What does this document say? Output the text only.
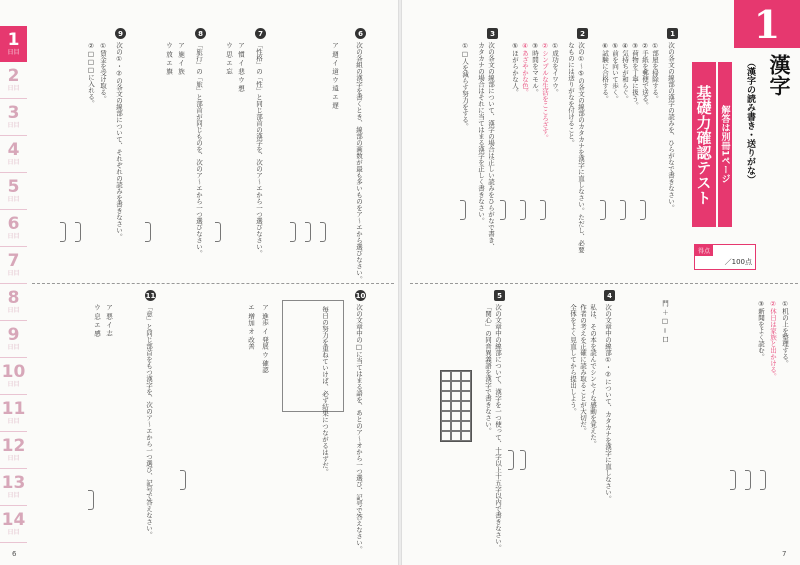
1
日目
2
日目
3
日目
4
日目
5
日目
6
日目
7
日目
8
日目
9
日目
10
日目
11
日目
12
日目
13
日目
14
日目
1
漢字
（漢字の読み書き・送りがな）
解答は別冊1ページ
基礎力確認テスト
得点
／100点
1
次の各文の線部の漢字の読みを、ひらがなで書きなさい。
①部屋を掃除する。
②手紙を郵便で送る。
③荷物を丁寧に扱う。
④気持ちが和らぐ。
⑤前を向いて歩く。
⑥試験に合格する。
2
次の①〜⑤の各文の線部のカタカナを漢字に直しなさい。ただし、必要
なものには送りがなを付けること。
①成功をイワウ。
②シンプルな生活をこころざす。
③時間をマモル。
④あざやかな色。
⑤ほがらかな人。
3
次の各文の線部について、漢字の場合は正しい読みをひらがなで書き、
カタカナの場合はそれに当てはまる漢字を正しく書きなさい。
①□人を減らす努力をする。
4
次の文章中の線部①・②について、カタカナを漢字に直しなさい。
私は、その本を読んでシンセイな感動を覚えた。
作者の考えを正確に読み取ることが大切だ。
全体をよく見直してから提出しよう。	①机の上を整理する。
②休日は家族と出かける。
③新聞をよく読む。
門 ＋ □ ＝ 口
5
次の文章中の線部について、漢字を一つ使って、十字以上十五字以内で書きなさい。
「関心」の同音異義語を漢字で書きなさい。
7
6
次の各組の漢字を書くとき、線部の画数が最も多いものをア〜エから選びなさい。
ア 週 イ 道 ウ 遠 エ 遅
7
「性格」の「性」と同じ部首の漢字を、次のア〜エから一つ選びなさい。
ア 慣 イ 悲 ウ 想
ウ 思 エ 忘
8
「旅行」の「旅」と部首が同じものを、次のア〜エから一つ選びなさい。
ア 施 イ 族
ウ 放 エ 旗
9
次の①・②の各文の線部について、それぞれの読みを書きなさい。
①賃金を受け取る。
②□□□に入れる。
10
次の文章中の□に当てはまる語を、あとのア〜オから一つ選び、記号で答えなさい。
毎日の努力を重ねていけば、必ず結果につながるはずだ。
ア 進歩 イ 発展 ウ 確認
エ 増加 オ 改善
11
「意」と同じ部首をもつ漢字を、次のア〜エから一つ選び、記号で答えなさい。
ア 悪 イ 志
ウ 息 エ 感
6
